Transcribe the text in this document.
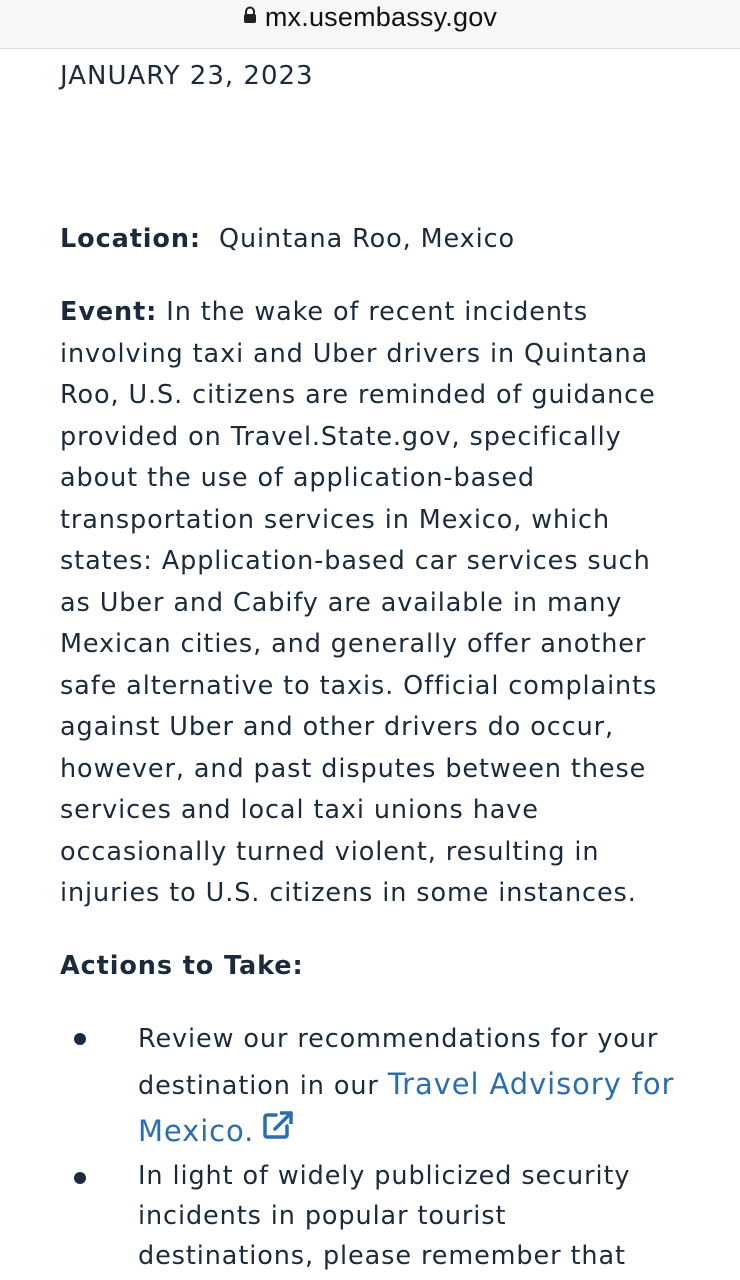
mx.usembassy.gov
JANUARY 23, 2023
Location: Quintana Roo, Mexico
Event: In the wake of recent incidents involving taxi and Uber drivers in Quintana Roo, U.S. citizens are reminded of guidance provided on Travel.State.gov, specifically about the use of application-based transportation services in Mexico, which states: Application-based car services such as Uber and Cabify are available in many Mexican cities, and generally offer another safe alternative to taxis. Official complaints against Uber and other drivers do occur, however, and past disputes between these services and local taxi unions have occasionally turned violent, resulting in injuries to U.S. citizens in some instances.
Actions to Take:
Review our recommendations for your destination in our Travel Advisory for Mexico.
In light of widely publicized security incidents in popular tourist destinations, please remember that
